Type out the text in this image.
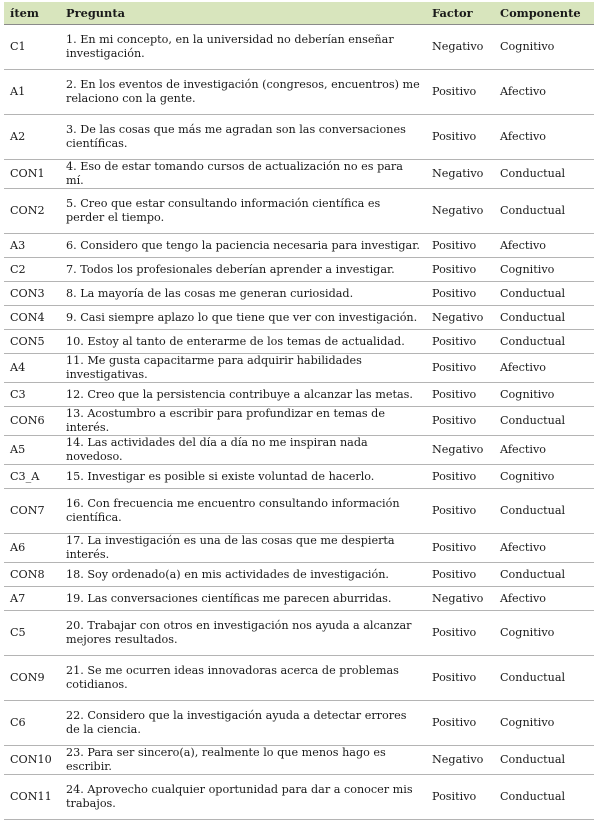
ítem	Pregunta	Factor	Componente
C1	1. En mi concepto, en la universidad no deberían enseñar investigación.	Negativo	Cognitivo
A1	2. En los eventos de investigación (congresos, encuentros) me relaciono con la gente.	Positivo	Afectivo
A2	3. De las cosas que más me agradan son las conversaciones científicas.	Positivo	Afectivo
CON1	4. Eso de estar tomando cursos de actualización no es para mí.	Negativo	Conductual
CON2	5. Creo que estar consultando información científica es perder el tiempo.	Negativo	Conductual
A3	6. Considero que tengo la paciencia necesaria para investigar.	Positivo	Afectivo
C2	7. Todos los profesionales deberían aprender a investigar.	Positivo	Cognitivo
CON3	8. La mayoría de las cosas me generan curiosidad.	Positivo	Conductual
CON4	9. Casi siempre aplazo lo que tiene que ver con investigación.	Negativo	Conductual
CON5	10. Estoy al tanto de enterarme de los temas de actualidad.	Positivo	Conductual
A4	11. Me gusta capacitarme para adquirir habilidades investigativas.	Positivo	Afectivo
C3	12. Creo que la persistencia contribuye a alcanzar las metas.	Positivo	Cognitivo
CON6	13. Acostumbro a escribir para profundizar en temas de interés.	Positivo	Conductual
A5	14. Las actividades del día a día no me inspiran nada novedoso.	Negativo	Afectivo
C3_A	15. Investigar es posible si existe voluntad de hacerlo.	Positivo	Cognitivo
CON7	16. Con frecuencia me encuentro consultando información científica.	Positivo	Conductual
A6	17. La investigación es una de las cosas que me despierta interés.	Positivo	Afectivo
CON8	18. Soy ordenado(a) en mis actividades de investigación.	Positivo	Conductual
A7	19. Las conversaciones científicas me parecen aburridas.	Negativo	Afectivo
C5	20. Trabajar con otros en investigación nos ayuda a alcanzar mejores resultados.	Positivo	Cognitivo
CON9	21. Se me ocurren ideas innovadoras acerca de problemas cotidianos.	Positivo	Conductual
C6	22. Considero que la investigación ayuda a detectar errores de la ciencia.	Positivo	Cognitivo
CON10	23. Para ser sincero(a), realmente lo que menos hago es escribir.	Negativo	Conductual
CON11	24. Aprovecho cualquier oportunidad para dar a conocer mis trabajos.	Positivo	Conductual
